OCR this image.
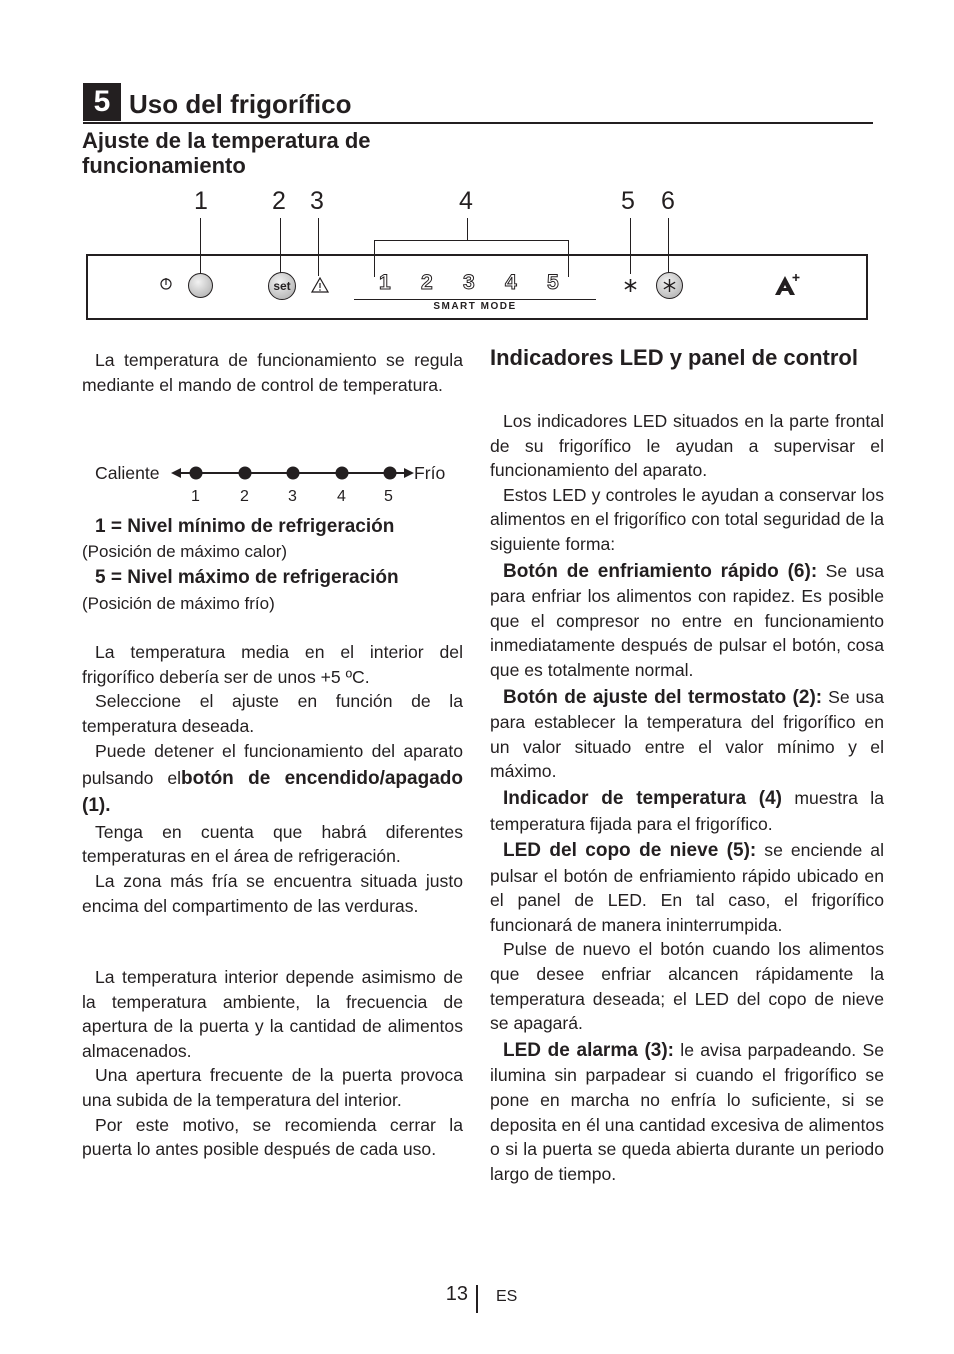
5 Uso del frigorífico
Ajuste de la temperatura de funcionamiento
1	2 3	4	5 6
set	1 2 3 4 5
SMART MODE

La temperatura de funcionamiento se regula mediante el mando de control de temperatura.

Caliente	Frío
1	2 3	4 5
1 = Nivel mínimo de refrigeración
(Posición de máximo calor)
5 = Nivel máximo de refrigeración
(Posición de máximo frío)

La temperatura media en el interior del frigorífico debería ser de unos +5 ºC.

Seleccione el ajuste en función de la temperatura deseada.

Puede detener el funcionamiento del aparato pulsando elbotón de encendido/apagado (1).

Tenga en cuenta que habrá diferentes temperaturas en el área de refrigeración.

La zona más fría se encuentra situada justo encima del compartimento de las verduras.

La temperatura interior depende asimismo de la temperatura ambiente, la frecuencia de apertura de la puerta y la cantidad de alimentos almacenados.

Una apertura frecuente de la puerta provoca una subida de la temperatura del interior.

Por este motivo, se recomienda cerrar la puerta lo antes posible después de cada uso.

Indicadores LED y panel de control

Los indicadores LED situados en la parte frontal de su frigorífico le ayudan a supervisar el funcionamiento del aparato.

Estos LED y controles le ayudan a conservar los alimentos en el frigorífico con total seguridad de la siguiente forma:

Botón de enfriamiento rápido (6): Se usa para enfriar los alimentos con rapidez. Es posible que el compresor no entre en funcionamiento inmediatamente después de pulsar el botón, cosa que es totalmente normal.

Botón de ajuste del termostato (2): Se usa para establecer la temperatura del frigorífico en un valor situado entre el valor mínimo y el máximo.

Indicador de temperatura (4) muestra la temperatura fijada para el frigorífico.

LED del copo de nieve (5): se enciende al pulsar el botón de enfriamiento rápido ubicado en el panel de LED. En tal caso, el frigorífico funcionará de manera ininterrumpida.

Pulse de nuevo el botón cuando los alimentos que desee enfriar alcancen rápidamente la temperatura deseada; el LED del copo de nieve se apagará.

LED de alarma (3): le avisa parpadeando. Se ilumina sin parpadear si cuando el frigorífico se pone en marcha no enfría lo suficiente, si se deposita en él una cantidad excesiva de alimentos o si la puerta se queda abierta durante un periodo largo de tiempo.

13 ES
